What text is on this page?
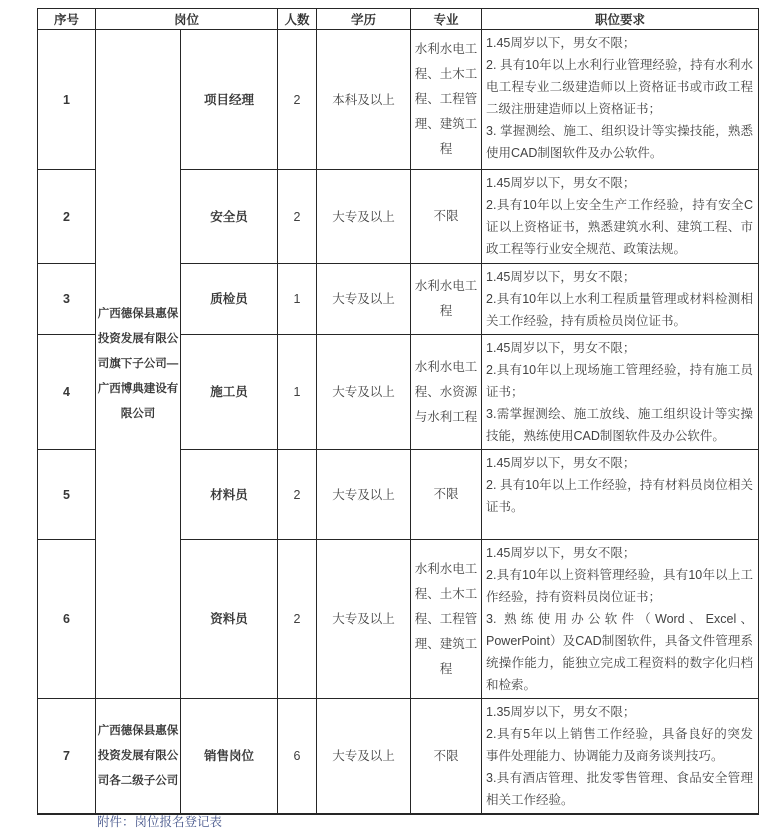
序号	岗位		人数	学历	专业	职位要求
1	广西德保县惠保投资发展有限公司旗下子公司—广西博典建设有限公司	项目经理	2	本科及以上	水利水电工程、土木工程、工程管理、建筑工程	1.45周岁以下，男女不限；
2. 具有10年以上水利行业管理经验，持有水利水电工程专业二级建造师以上资格证书或市政工程二级注册建造师以上资格证书；
3. 掌握测绘、施工、组织设计等实操技能，熟悉使用CAD制图软件及办公软件。

2		安全员	2	大专及以上	不限	1.45周岁以下，男女不限；
2.具有10年以上安全生产工作经验，持有安全C证以上资格证书，熟悉建筑水利、建筑工程、市政工程等行业安全规范、政策法规。

3		质检员	1	大专及以上	水利水电工程	1.45周岁以下，男女不限；
2.具有10年以上水利工程质量管理或材料检测相关工作经验，持有质检员岗位证书。

4		施工员	1	大专及以上	水利水电工程、水资源与水利工程	1.45周岁以下，男女不限；
2.具有10年以上现场施工管理经验，持有施工员证书；
3.需掌握测绘、施工放线、施工组织设计等实操技能，熟练使用CAD制图软件及办公软件。

5		材料员	2	大专及以上	不限	1.45周岁以下，男女不限；
2. 具有10年以上工作经验，持有材料员岗位相关证书。

6		资料员	2	大专及以上	水利水电工程、土木工程、工程管理、建筑工程	1.45周岁以下，男女不限；
2.具有10年以上资料管理经验，具有10年以上工作经验，持有资料员岗位证书；
3. 熟练使用办公软件（Word、Excel、PowerPoint）及CAD制图软件，具备文件管理系统操作能力，能独立完成工程资料的数字化归档和检索。

7	广西德保县惠保投资发展有限公司各二级子公司	销售岗位	6	大专及以上	不限	1.35周岁以下，男女不限；
2.具有5年以上销售工作经验，具备良好的突发事件处理能力、协调能力及商务谈判技巧。
3.具有酒店管理、批发零售管理、食品安全管理相关工作经验。
附件：岗位报名登记表
